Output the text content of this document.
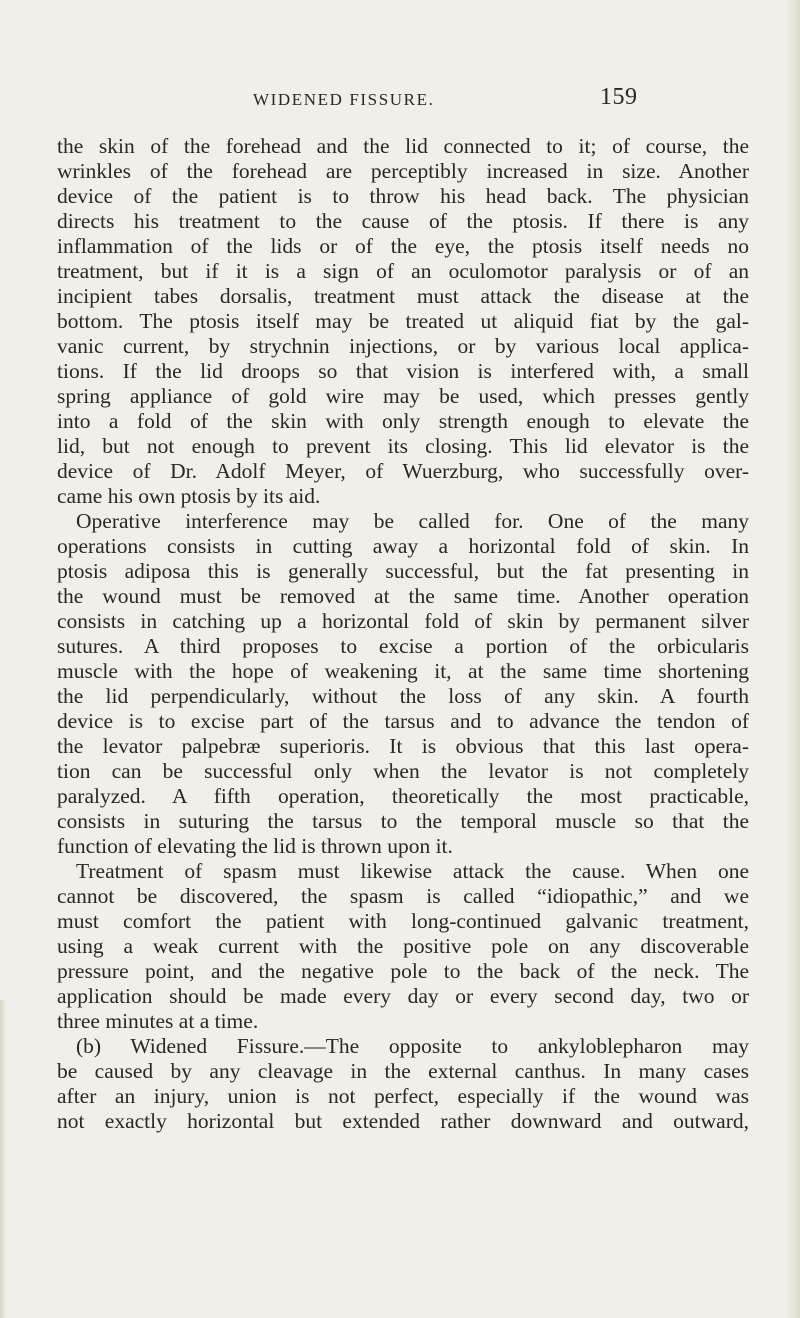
WIDENED FISSURE.	159
the skin of the forehead and the lid connected to it; of course, the
wrinkles of the forehead are perceptibly increased in size. Another
device of the patient is to throw his head back. The physician
directs his treatment to the cause of the ptosis. If there is any
inflammation of the lids or of the eye, the ptosis itself needs no
treatment, but if it is a sign of an oculomotor paralysis or of an
incipient tabes dorsalis, treatment must attack the disease at the
bottom. The ptosis itself may be treated ut aliquid fiat by the gal-
vanic current, by strychnin injections, or by various local applica-
tions. If the lid droops so that vision is interfered with, a small
spring appliance of gold wire may be used, which presses gently
into a fold of the skin with only strength enough to elevate the
lid, but not enough to prevent its closing. This lid elevator is the
device of Dr. Adolf Meyer, of Wuerzburg, who successfully over-
came his own ptosis by its aid.
Operative interference may be called for. One of the many
operations consists in cutting away a horizontal fold of skin. In
ptosis adiposa this is generally successful, but the fat presenting in
the wound must be removed at the same time. Another operation
consists in catching up a horizontal fold of skin by permanent silver
sutures. A third proposes to excise a portion of the orbicularis
muscle with the hope of weakening it, at the same time shortening
the lid perpendicularly, without the loss of any skin. A fourth
device is to excise part of the tarsus and to advance the tendon of
the levator palpebræ superioris. It is obvious that this last opera-
tion can be successful only when the levator is not completely
paralyzed. A fifth operation, theoretically the most practicable,
consists in suturing the tarsus to the temporal muscle so that the
function of elevating the lid is thrown upon it.
Treatment of spasm must likewise attack the cause. When one
cannot be discovered, the spasm is called “idiopathic,” and we
must comfort the patient with long-continued galvanic treatment,
using a weak current with the positive pole on any discoverable
pressure point, and the negative pole to the back of the neck. The
application should be made every day or every second day, two or
three minutes at a time.
(b) Widened Fissure.—The opposite to ankyloblepharon may
be caused by any cleavage in the external canthus. In many cases
after an injury, union is not perfect, especially if the wound was
not exactly horizontal but extended rather downward and outward,
